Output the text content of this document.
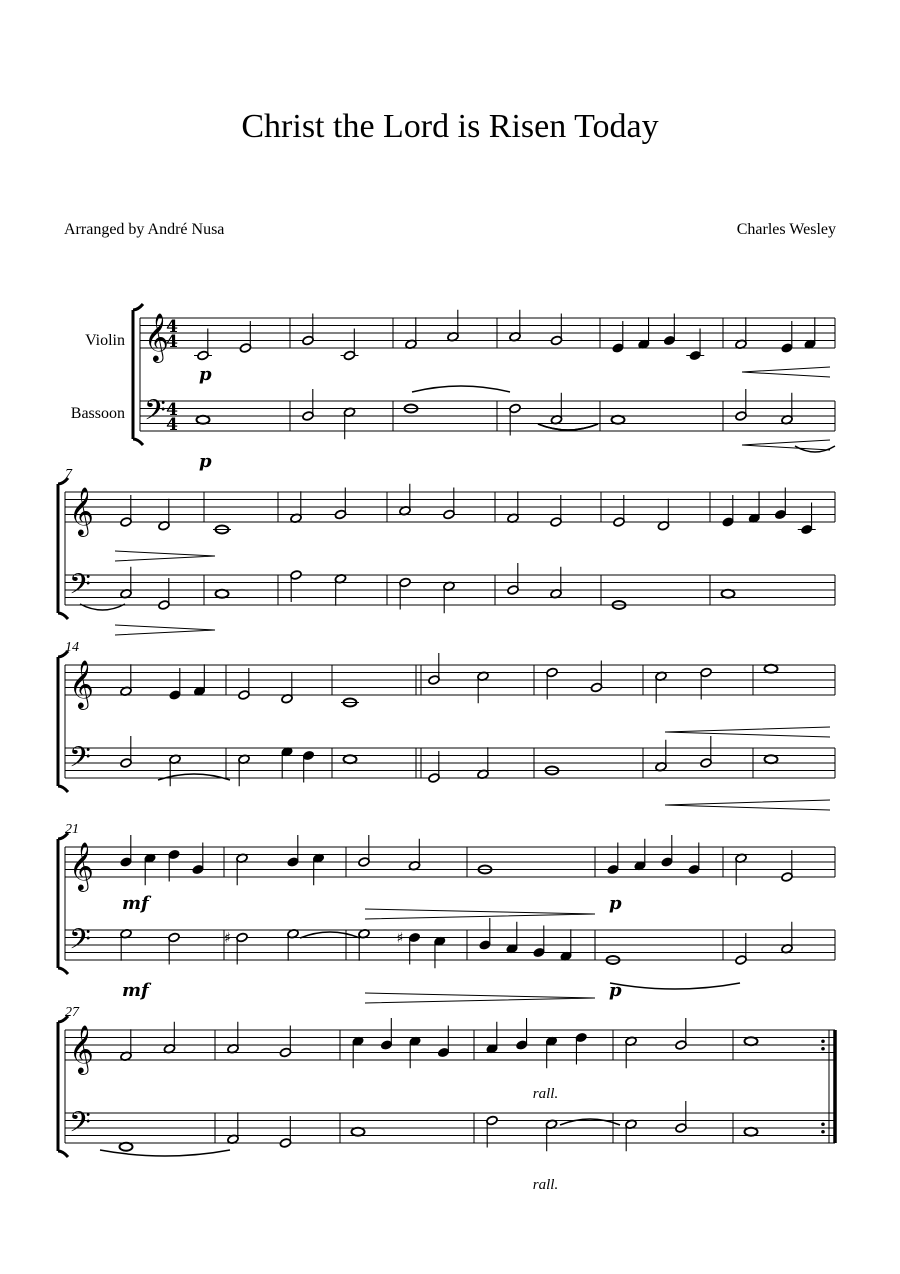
Christ the Lord is Risen Today
Arranged by André Nusa	Charles Wesley
𝄞
𝄢
4
4
4
4
Violin
Bassoon
p
p
𝄞
𝄢
7
𝄞
𝄢
14
𝄞
𝄢
21
mf
mf
♯	♯
p
p
𝄞
𝄢
27
rall.
rall.
